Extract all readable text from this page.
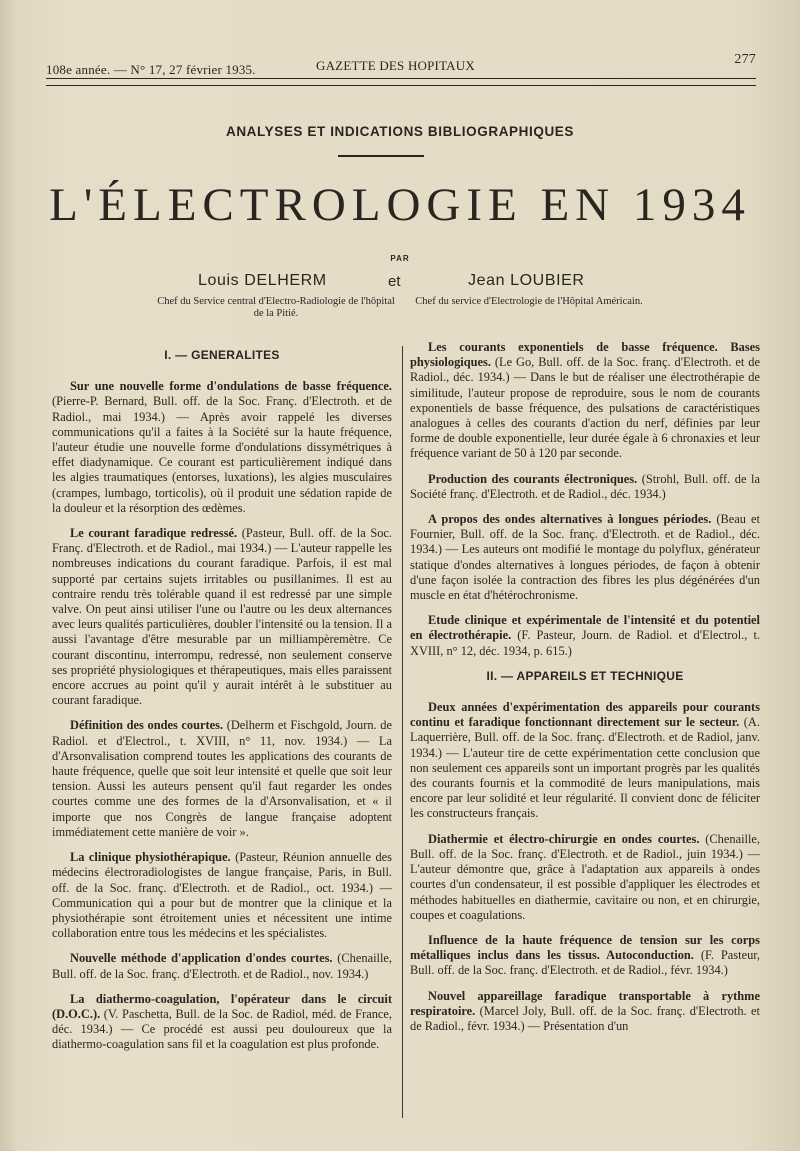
108e année. — N° 17, 27 février 1935.	GAZETTE DES HOPITAUX	277
ANALYSES ET INDICATIONS BIBLIOGRAPHIQUES
L'ÉLECTROLOGIE EN 1934
PAR
Louis DELHERM	et	Jean LOUBIER
Chef du Service central d'Electro-Radiologie de l'hôpital de la Pitié.
Chef du service d'Electrologie de l'Hôpital Américain.
I. — GENERALITES

Sur une nouvelle forme d'ondulations de basse fréquence. (Pierre-P. Bernard, Bull. off. de la Soc. Franç. d'Electroth. et de Radiol., mai 1934.) — Après avoir rappelé les diverses communications qu'il a faites à la Société sur la haute fréquence, l'auteur étudie une nouvelle forme d'ondulations dissymétriques à effet diadynamique. Ce courant est particulièrement indiqué dans les algies traumatiques (entorses, luxations), les algies musculaires (crampes, lumbago, torticolis), où il produit une sédation rapide de la douleur et la résorption des œdèmes.

Le courant faradique redressé. (Pasteur, Bull. off. de la Soc. Franç. d'Electroth. et de Radiol., mai 1934.) — L'auteur rappelle les nombreuses indications du courant faradique. Parfois, il est mal supporté par certains sujets irritables ou pusillanimes. Il est au contraire rendu très tolérable quand il est redressé par une simple valve. On peut ainsi utiliser l'une ou l'autre ou les deux alternances avec leurs qualités particulières, doubler l'intensité ou la tension. Il a aussi l'avantage d'être mesurable par un milliampèremètre. Ce courant discontinu, interrompu, redressé, non seulement conserve ses propriété physiologiques et thérapeutiques, mais elles paraissent encore accrues au point qu'il y aurait intérêt à le substituer au courant faradique.

Définition des ondes courtes. (Delherm et Fischgold, Journ. de Radiol. et d'Electrol., t. XVIII, n° 11, nov. 1934.) — La d'Arsonvalisation comprend toutes les applications des courants de haute fréquence, quelle que soit leur intensité et quelle que soit leur tension. Aussi les auteurs pensent qu'il faut regarder les ondes courtes comme une des formes de la d'Arsonvalisation, et « il importe que nos Congrès de langue française adoptent immédiatement cette manière de voir ».

La clinique physiothérapique. (Pasteur, Réunion annuelle des médecins électroradiologistes de langue française, Paris, in Bull. off. de la Soc. franç. d'Electroth. et de Radiol., oct. 1934.) — Communication qui a pour but de montrer que la clinique et la physiothérapie sont étroitement unies et nécessitent une intime collaboration entre tous les médecins et les spécialistes.

Nouvelle méthode d'application d'ondes courtes. (Chenaille, Bull. off. de la Soc. franç. d'Electroth. et de Radiol., nov. 1934.)

La diathermo-coagulation, l'opérateur dans le circuit (D.O.C.). (V. Paschetta, Bull. de la Soc. de Radiol, méd. de France, déc. 1934.) — Ce procédé est aussi peu douloureux que la diathermo-coagulation sans fil et la coagulation est plus profonde.

Les courants exponentiels de basse fréquence. Bases physiologiques. (Le Go, Bull. off. de la Soc. franç. d'Electroth. et de Radiol., déc. 1934.) — Dans le but de réaliser une électrothérapie de similitude, l'auteur propose de reproduire, sous le nom de courants exponentiels de basse fréquence, des pulsations de caractéristiques analogues à celles des courants d'action du nerf, définies par leur forme de double exponentielle, leur durée égale à 6 chronaxies et leur fréquence variant de 50 à 120 par seconde.

Production des courants électroniques. (Strohl, Bull. off. de la Société franç. d'Electroth. et de Radiol., déc. 1934.)

A propos des ondes alternatives à longues périodes. (Beau et Fournier, Bull. off. de la Soc. franç. d'Electroth. et de Radiol., déc. 1934.) — Les auteurs ont modifié le montage du polyflux, générateur statique d'ondes alternatives à longues périodes, de façon à obtenir d'une façon isolée la contraction des fibres les plus dégénérées d'un muscle en état d'hétérochronisme.

Etude clinique et expérimentale de l'intensité et du potentiel en électrothérapie. (F. Pasteur, Journ. de Radiol. et d'Electrol., t. XVIII, n° 12, déc. 1934, p. 615.)

II. — APPAREILS ET TECHNIQUE

Deux années d'expérimentation des appareils pour courants continu et faradique fonctionnant directement sur le secteur. (A. Laquerrière, Bull. off. de la Soc. franç. d'Electroth. et de Radiol, janv. 1934.) — L'auteur tire de cette expérimentation cette conclusion que non seulement ces appareils sont un important progrès par les qualités des courants fournis et la commodité de leurs manipulations, mais encore par leur solidité et leur régularité. Il convient donc de féliciter les constructeurs français.

Diathermie et électro-chirurgie en ondes courtes. (Chenaille, Bull. off. de la Soc. franç. d'Electroth. et de Radiol., juin 1934.) — L'auteur démontre que, grâce à l'adaptation aux appareils à ondes courtes d'un condensateur, il est possible d'appliquer les électrodes et méthodes habituelles en diathermie, cavitaire ou non, et en chirurgie, coupes et coagulations.

Influence de la haute fréquence de tension sur les corps métalliques inclus dans les tissus. Autoconduction. (F. Pasteur, Bull. off. de la Soc. franç. d'Electroth. et de Radiol., févr. 1934.)

Nouvel appareillage faradique transportable à rythme respiratoire. (Marcel Joly, Bull. off. de la Soc. franç. d'Electroth. et de Radiol., févr. 1934.) — Présentation d'un
